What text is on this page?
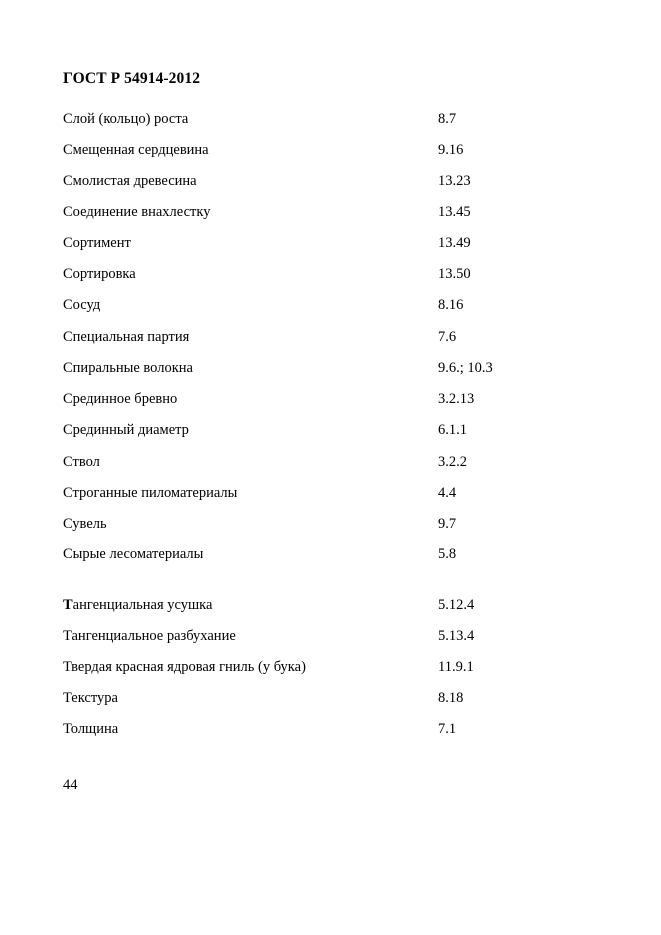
ГОСТ Р 54914-2012
Слой (кольцо) роста	8.7
Смещенная сердцевина	9.16
Смолистая древесина	13.23
Соединение внахлестку	13.45
Сортимент	13.49
Сортировка	13.50
Сосуд	8.16
Специальная партия	7.6
Спиральные волокна	9.6.; 10.3
Срединное бревно	3.2.13
Срединный диаметр	6.1.1
Ствол	3.2.2
Строганные пиломатериалы	4.4
Сувель	9.7
Сырые лесоматериалы	5.8
Тангенциальная усушка	5.12.4
Тангенциальное разбухание	5.13.4
Твердая красная ядровая гниль (у бука)	11.9.1
Текстура	8.18
Толщина	7.1
44
